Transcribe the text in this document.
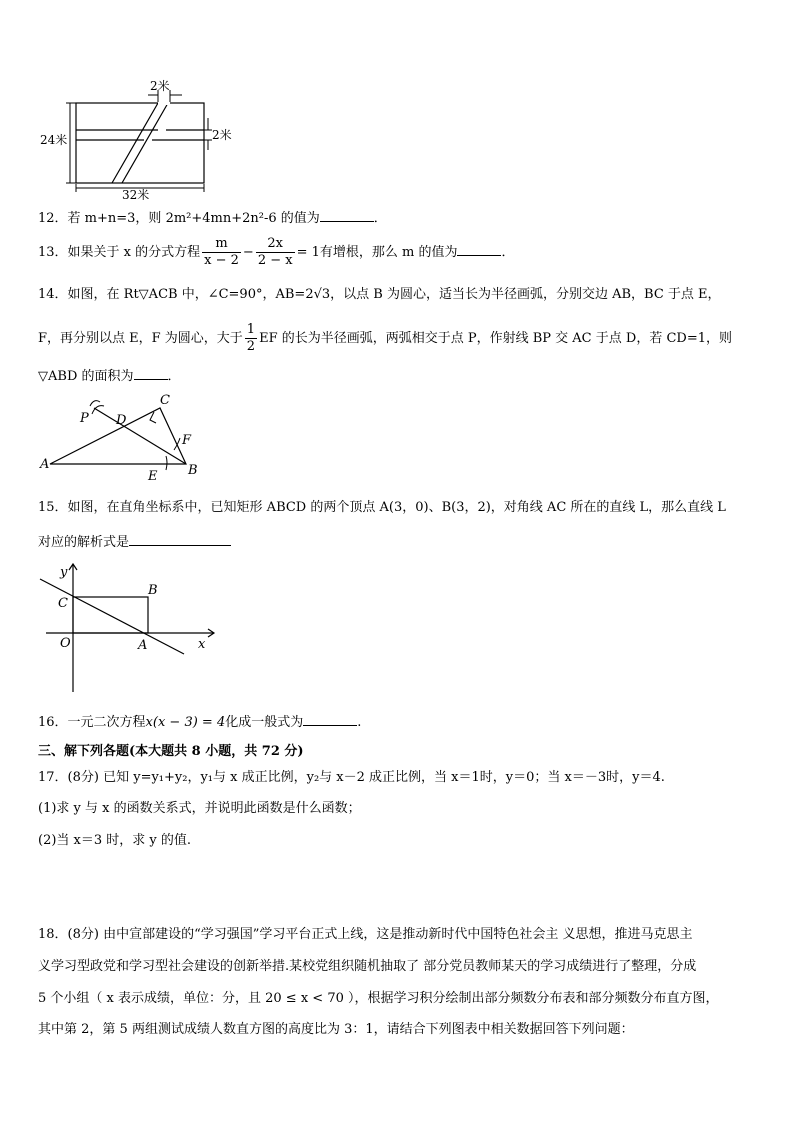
2米
2米
24米
32米
12．若 m+n=3，则 2m²+4mn+2n²-6 的值为	．
13．如果关于 x 的分式方程 $\frac{m}{x - 2} - \frac{2x}{2 - x} = 1$有增根，那么 m 的值为	．
14．如图，在 Rt▽ACB 中，∠C=90°，AB=2√3，以点 B 为圆心，适当长为半径画弧，分别交边 AB，BC 于点 E，
F，再分别以点 E，F 为圆心，大于 $\frac{1}{2}$ EF 的长为半径画弧，两弧相交于点 P，作射线 BP 交 AC 于点 D，若 CD=1，则
▽ABD 的面积为	．
A	B
C
D
E
F
P
15．如图，在直角坐标系中，已知矩形 ABCD 的两个顶点 A(3，0)、B(3，2)，对角线 AC 所在的直线 L，那么直线 L
对应的解析式是
y
x
C
B
O	A
16．一元二次方程x(x − 3) = 4化成一般式为	.
三、解下列各题(本大题共 8 小题，共 72 分)
17．(8分) 已知 y=y₁+y₂，y₁与 x 成正比例，y₂与 x－2 成正比例，当 x＝1时，y＝0；当 x＝－3时，y＝4.
(1)求 y 与 x 的函数关系式，并说明此函数是什么函数；
(2)当 x＝3 时，求 y 的值.
18．(8分) 由中宣部建设的“学习强国”学习平台正式上线，这是推动新时代中国特色社会主 义思想，推进马克思主
义学习型政党和学习型社会建设的创新举措.某校党组织随机抽取了 部分党员教师某天的学习成绩进行了整理，分成
5 个小组（ x 表示成绩，单位：分，且 20 ≤ x < 70 ），根据学习积分绘制出部分频数分布表和部分频数分布直方图，
其中第 2，第 5 两组测试成绩人数直方图的高度比为 3：1，请结合下列图表中相关数据回答下列问题：
